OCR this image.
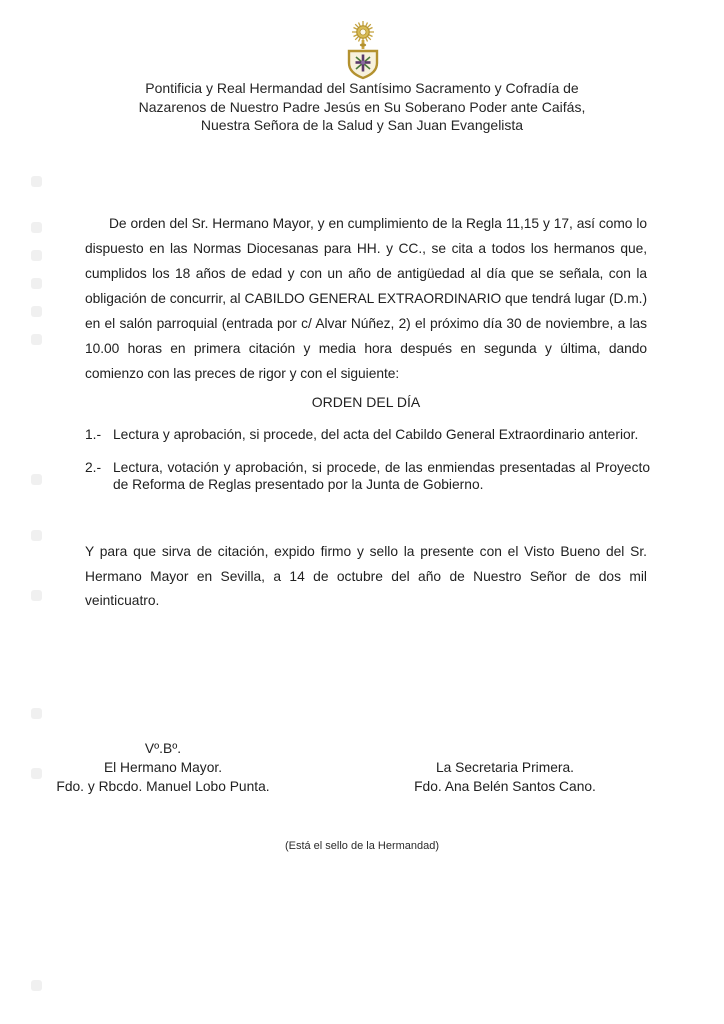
Pontificia y Real Hermandad del Santísimo Sacramento y Cofradía de
Nazarenos de Nuestro Padre Jesús en Su Soberano Poder ante Caifás,
Nuestra Señora de la Salud y San Juan Evangelista

De orden del Sr. Hermano Mayor, y en cumplimiento de la Regla 11,15 y 17, así como lo dispuesto en las Normas Diocesanas para HH. y CC., se cita a todos los hermanos que, cumplidos los 18 años de edad y con un año de antigüedad al día que se señala, con la obligación de concurrir, al CABILDO GENERAL EXTRAORDINARIO que tendrá lugar (D.m.) en el salón parroquial (entrada por c/ Alvar Núñez, 2) el próximo día 30 de noviembre, a las 10.00 horas en primera citación y media hora después en segunda y última, dando comienzo con las preces de rigor y con el siguiente:

ORDEN DEL DÍA
1.- Lectura y aprobación, si procede, del acta del Cabildo General Extraordinario anterior.
2.- Lectura, votación y aprobación, si procede, de las enmiendas presentadas al Proyecto de Reforma de Reglas presentado por la Junta de Gobierno.

Y para que sirva de citación, expido firmo y sello la presente con el Visto Bueno del Sr. Hermano Mayor en Sevilla, a 14 de octubre del año de Nuestro Señor de dos mil veinticuatro.

Vº.Bº.
El Hermano Mayor.
Fdo. y Rbcdo. Manuel Lobo Punta.
La Secretaria Primera.
Fdo. Ana Belén Santos Cano.
(Está el sello de la Hermandad)
